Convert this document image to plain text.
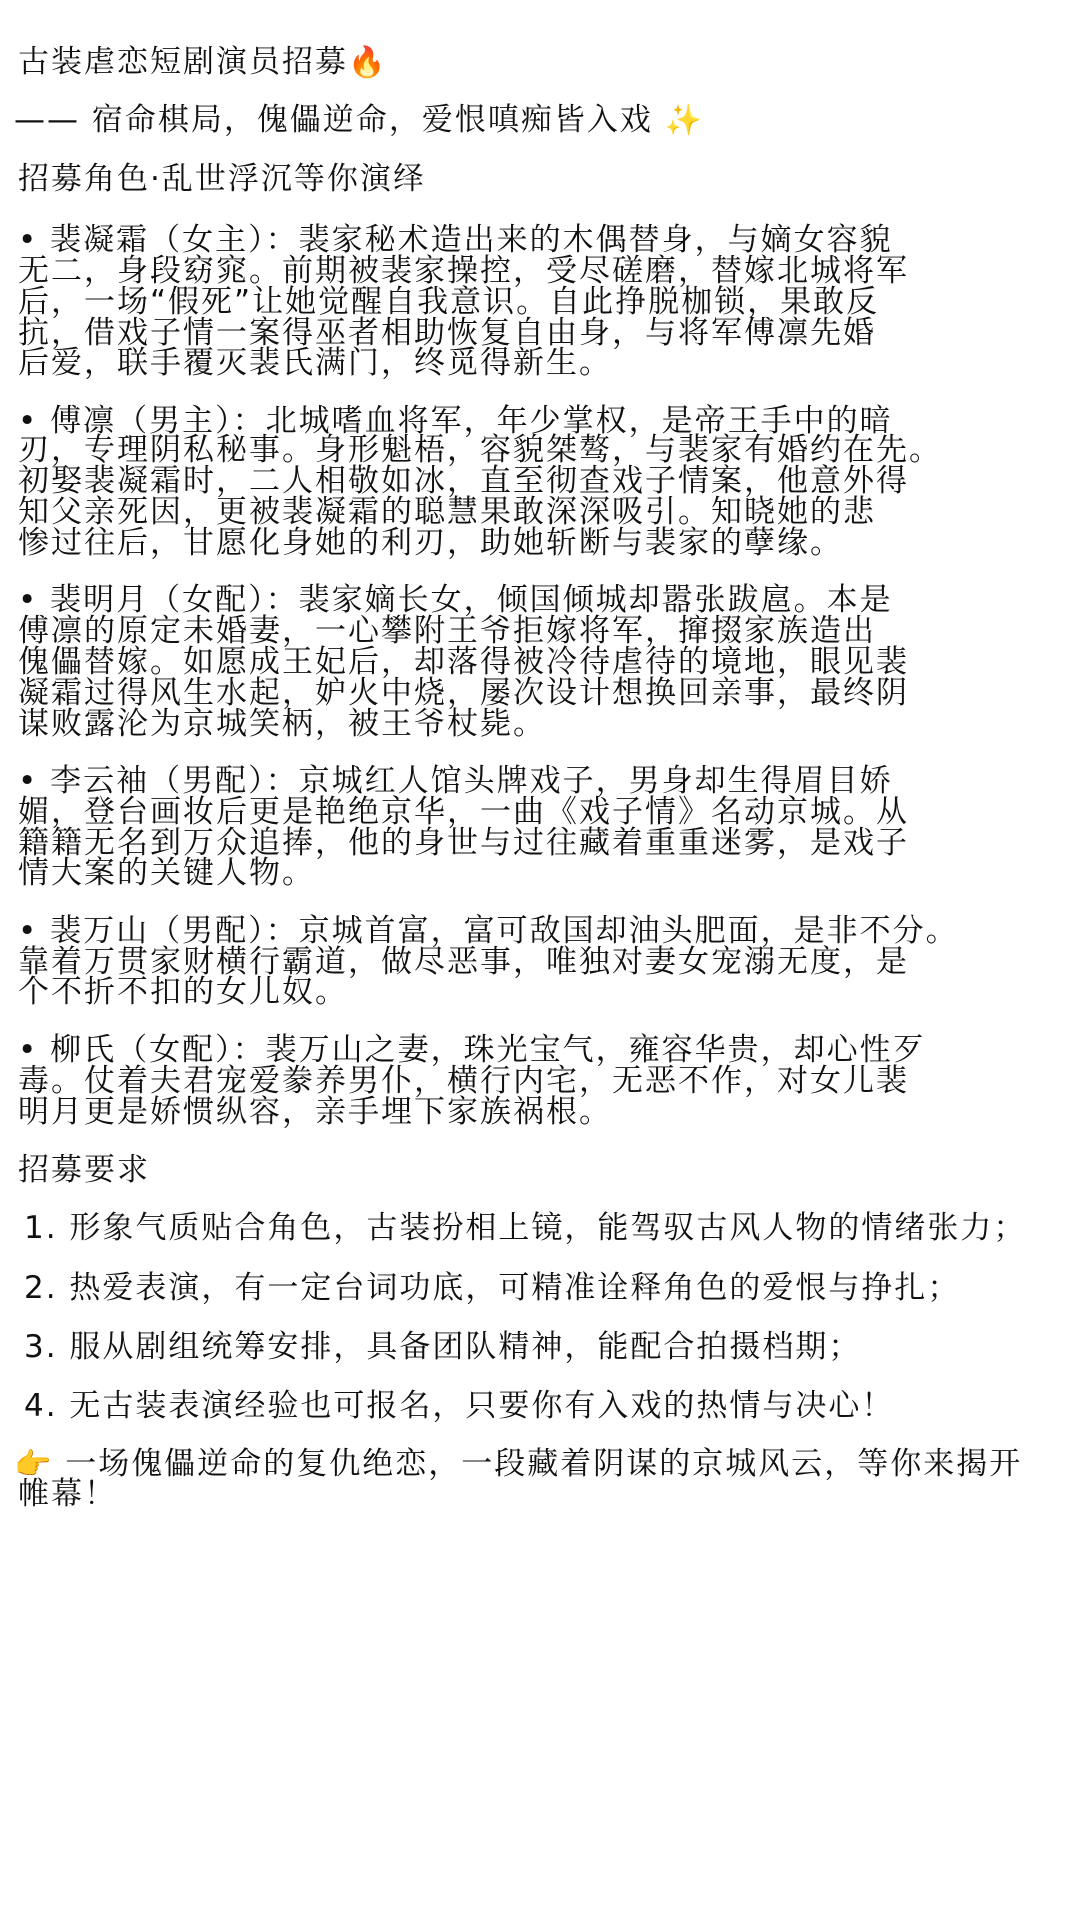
古装虐恋短剧演员招募🔥
—— 宿命棋局，傀儡逆命，爱恨嗔痴皆入戏 ✨
招募角色·乱世浮沉等你演绎
• 裴凝霜（女主）：裴家秘术造出来的木偶替身，与嫡女容貌
无二，身段窈窕。前期被裴家操控，受尽磋磨，替嫁北城将军
后，一场“假死”让她觉醒自我意识。自此挣脱枷锁，果敢反
抗，借戏子情一案得巫者相助恢复自由身，与将军傅凛先婚
后爱，联手覆灭裴氏满门，终觅得新生。
• 傅凛（男主）：北城嗜血将军，年少掌权，是帝王手中的暗
刃，专理阴私秘事。身形魁梧，容貌桀骜，与裴家有婚约在先。
初娶裴凝霜时，二人相敬如冰，直至彻查戏子情案，他意外得
知父亲死因，更被裴凝霜的聪慧果敢深深吸引。知晓她的悲
惨过往后，甘愿化身她的利刃，助她斩断与裴家的孽缘。
• 裴明月（女配）：裴家嫡长女，倾国倾城却嚣张跋扈。本是
傅凛的原定未婚妻，一心攀附王爷拒嫁将军，撺掇家族造出
傀儡替嫁。如愿成王妃后，却落得被冷待虐待的境地，眼见裴
凝霜过得风生水起，妒火中烧，屡次设计想换回亲事，最终阴
谋败露沦为京城笑柄，被王爷杖毙。
• 李云袖（男配）：京城红人馆头牌戏子，男身却生得眉目娇
媚，登台画妆后更是艳绝京华，一曲《戏子情》名动京城。从
籍籍无名到万众追捧，他的身世与过往藏着重重迷雾，是戏子
情大案的关键人物。
• 裴万山（男配）：京城首富，富可敌国却油头肥面，是非不分。
靠着万贯家财横行霸道，做尽恶事，唯独对妻女宠溺无度，是
个不折不扣的女儿奴。
• 柳氏（女配）：裴万山之妻，珠光宝气，雍容华贵，却心性歹
毒。仗着夫君宠爱豢养男仆，横行内宅，无恶不作，对女儿裴
明月更是娇惯纵容，亲手埋下家族祸根。
招募要求
1. 形象气质贴合角色，古装扮相上镜，能驾驭古风人物的情绪张力；
2. 热爱表演，有一定台词功底，可精准诠释角色的爱恨与挣扎；
3. 服从剧组统筹安排，具备团队精神，能配合拍摄档期；
4. 无古装表演经验也可报名，只要你有入戏的热情与决心！
👉 一场傀儡逆命的复仇绝恋，一段藏着阴谋的京城风云，等你来揭开
帷幕！
